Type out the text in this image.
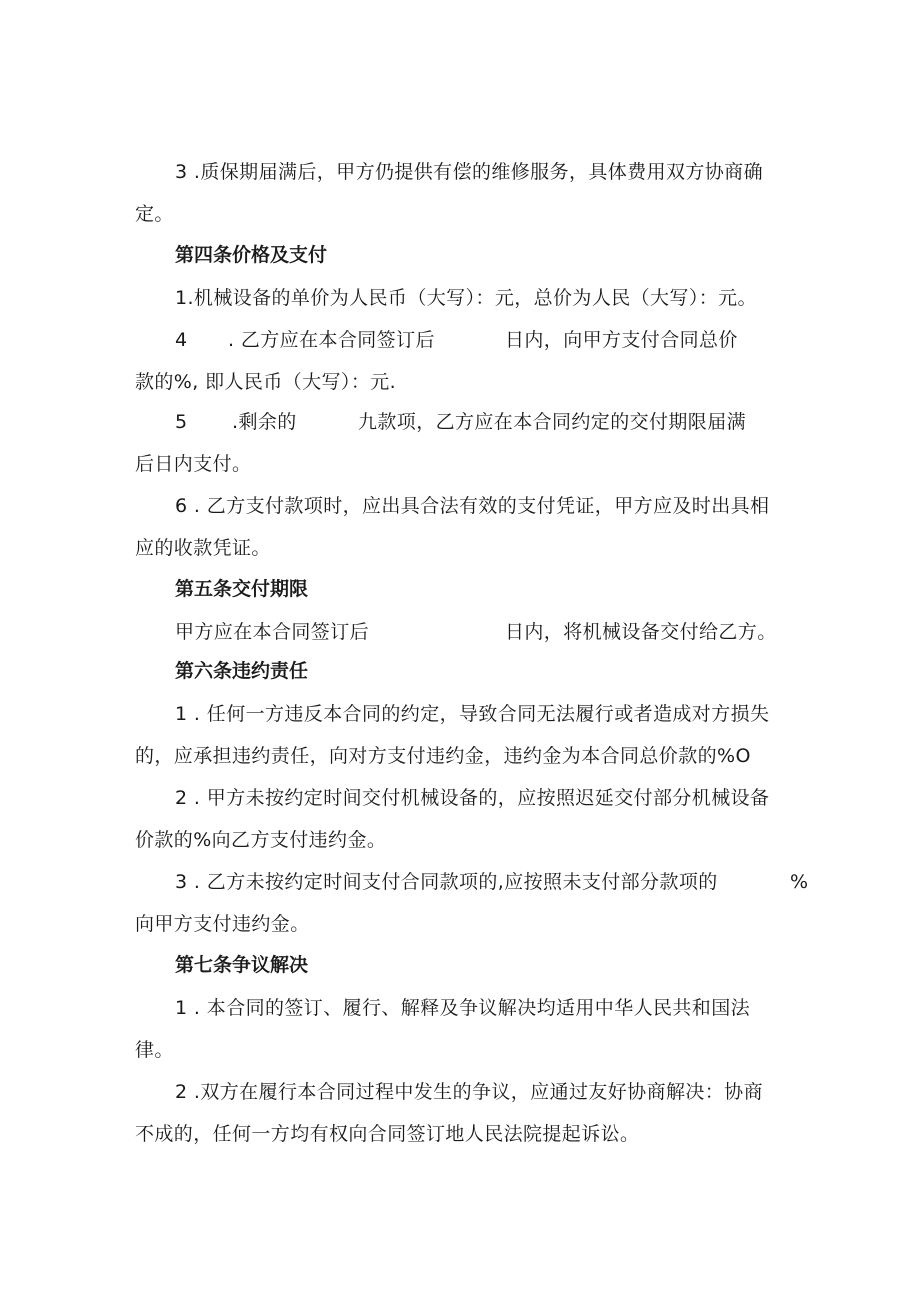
3 .质保期届满后，甲方仍提供有偿的维修服务，具体费用双方协商确
定。
第四条价格及支付
1.机械设备的单价为人民币（大写）：元，总价为人民（大写）：元。
4 . 乙方应在本合同签订后	日内，向甲方支付合同总价
款的%, 即人民币（大写）：元.
5 .剩余的	九款项，乙方应在本合同约定的交付期限届满
后日内支付。
6 . 乙方支付款项时，应出具合法有效的支付凭证，甲方应及时出具相
应的收款凭证。
第五条交付期限
甲方应在本合同签订后	日内，将机械设备交付给乙方。
第六条违约责任
1 . 任何一方违反本合同的约定，导致合同无法履行或者造成对方损失
的，应承担违约责任，向对方支付违约金，违约金为本合同总价款的%O
2 . 甲方未按约定时间交付机械设备的，应按照迟延交付部分机械设备
价款的%向乙方支付违约金。
3 . 乙方未按约定时间支付合同款项的,应按照未支付部分款项的	%
向甲方支付违约金。
第七条争议解决
1 . 本合同的签订、履行、解释及争议解决均适用中华人民共和国法
律。
2 .双方在履行本合同过程中发生的争议，应通过友好协商解决：协商
不成的，任何一方均有权向合同签订地人民法院提起诉讼。
